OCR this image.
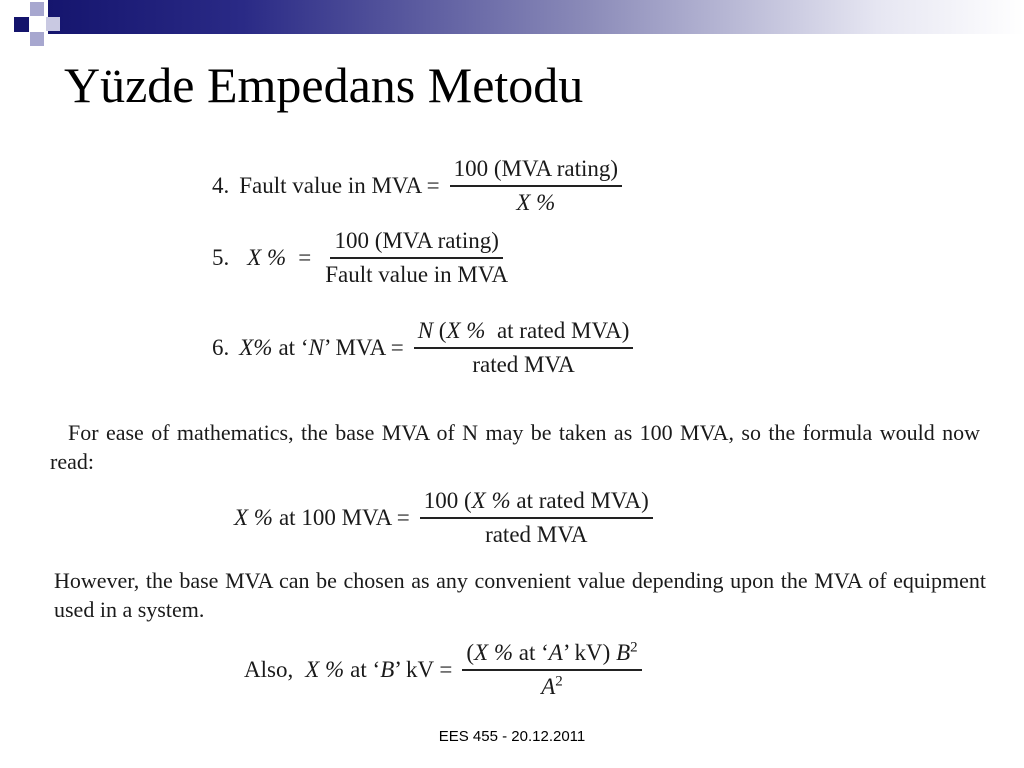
Yüzde Empedans Metodu
4. Fault value in MVA = $\frac{\text{100 (MVA rating)}}{X \%}$
5. X % = $\frac{\text{100 (MVA rating)}}{\text{Fault value in MVA}}$
6. X% at ‘ N ’ MVA = $\frac{\text{N (X \% at rated MVA)}}{\text{rated MVA}}$

For ease of mathematics, the base MVA of N may be taken as 100 MVA, so the formula would now read:

X % at 100 MVA = $\frac{\text{100 (X \% at rated MVA)}}{\text{rated MVA}}$

However, the base MVA can be chosen as any convenient value depending upon the MVA of equipment used in a system.

Also, X % at ‘ B ’ kV = $\frac{(X \% at ‘A’ kV) B^2}{A^2}$
EES 455 - 20.12.2011
